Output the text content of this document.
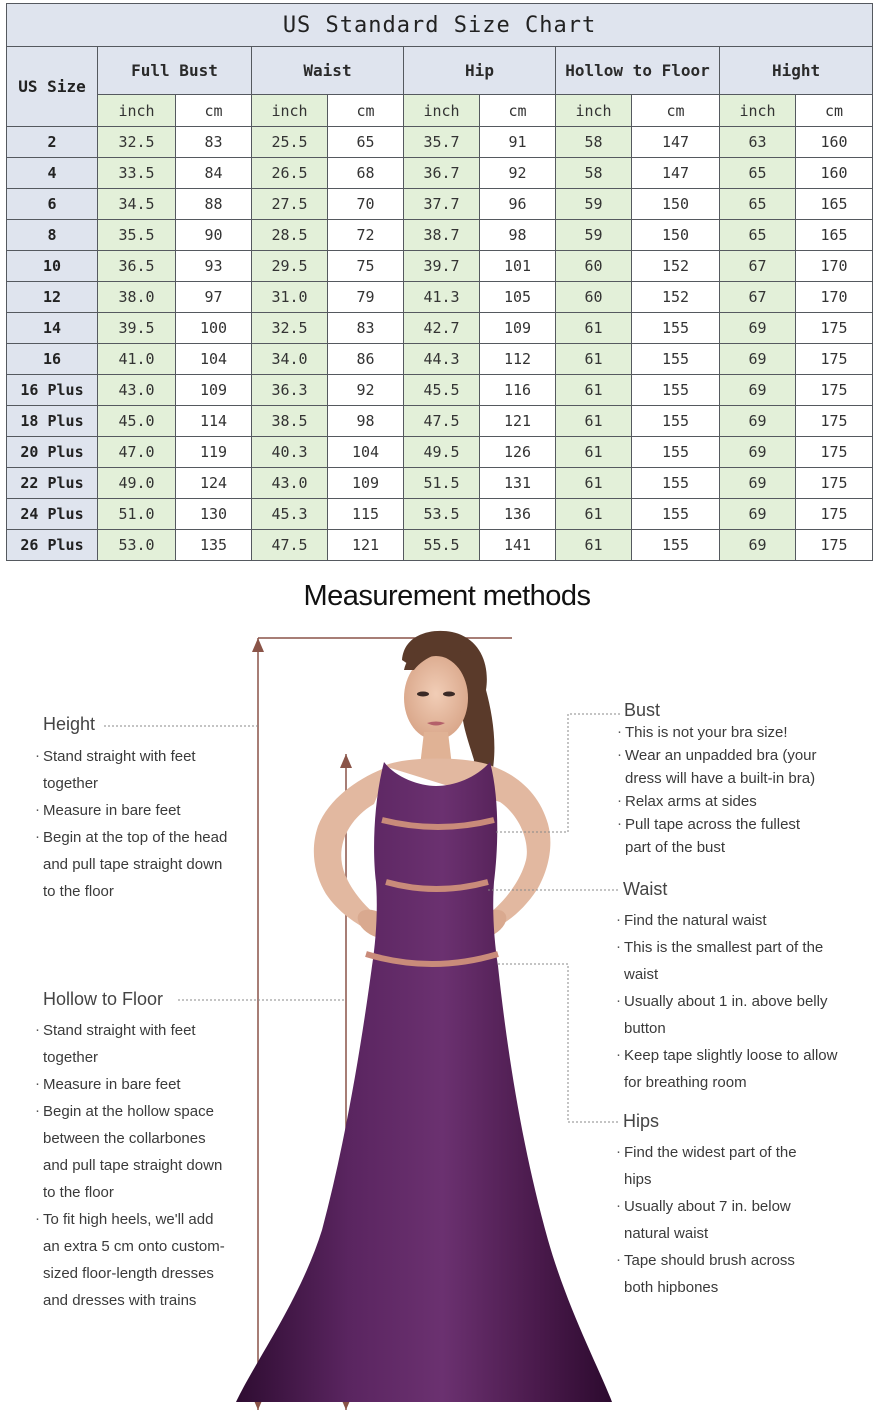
US Standard Size Chart										
US Size	Full Bust		Waist		Hip		Hollow to Floor		Hight	
	inch	cm	inch	cm	inch	cm	inch	cm	inch	cm
2	32.5	83	25.5	65	35.7	91	58	147	63	160
4	33.5	84	26.5	68	36.7	92	58	147	65	160
6	34.5	88	27.5	70	37.7	96	59	150	65	165
8	35.5	90	28.5	72	38.7	98	59	150	65	165
10	36.5	93	29.5	75	39.7	101	60	152	67	170
12	38.0	97	31.0	79	41.3	105	60	152	67	170
14	39.5	100	32.5	83	42.7	109	61	155	69	175
16	41.0	104	34.0	86	44.3	112	61	155	69	175
16 Plus	43.0	109	36.3	92	45.5	116	61	155	69	175
18 Plus	45.0	114	38.5	98	47.5	121	61	155	69	175
20 Plus	47.0	119	40.3	104	49.5	126	61	155	69	175
22 Plus	49.0	124	43.0	109	51.5	131	61	155	69	175
24 Plus	51.0	130	45.3	115	53.5	136	61	155	69	175
26 Plus	53.0	135	47.5	121	55.5	141	61	155	69	175
Measurement methods
Height
· Stand straight with feet
together
· Measure in bare feet
· Begin at the top of the head
and pull tape straight down
to the floor
Hollow to Floor
· Stand straight with feet
together
· Measure in bare feet
· Begin at the hollow space
between the collarbones
and pull tape straight down
to the floor
· To fit high heels, we'll add
an extra 5 cm onto custom-
sized floor-length dresses
and dresses with trains
Bust
· This is not your bra size!
· Wear an unpadded bra (your
dress will have a built-in bra)
· Relax arms at sides
· Pull tape across the fullest
part of the bust
Waist
· Find the natural waist
· This is the smallest part of the
waist
· Usually about 1 in. above belly
button
· Keep tape slightly loose to allow
for breathing room
Hips
· Find the widest part of the
hips
· Usually about 7 in. below
natural waist
· Tape should brush across
both hipbones
